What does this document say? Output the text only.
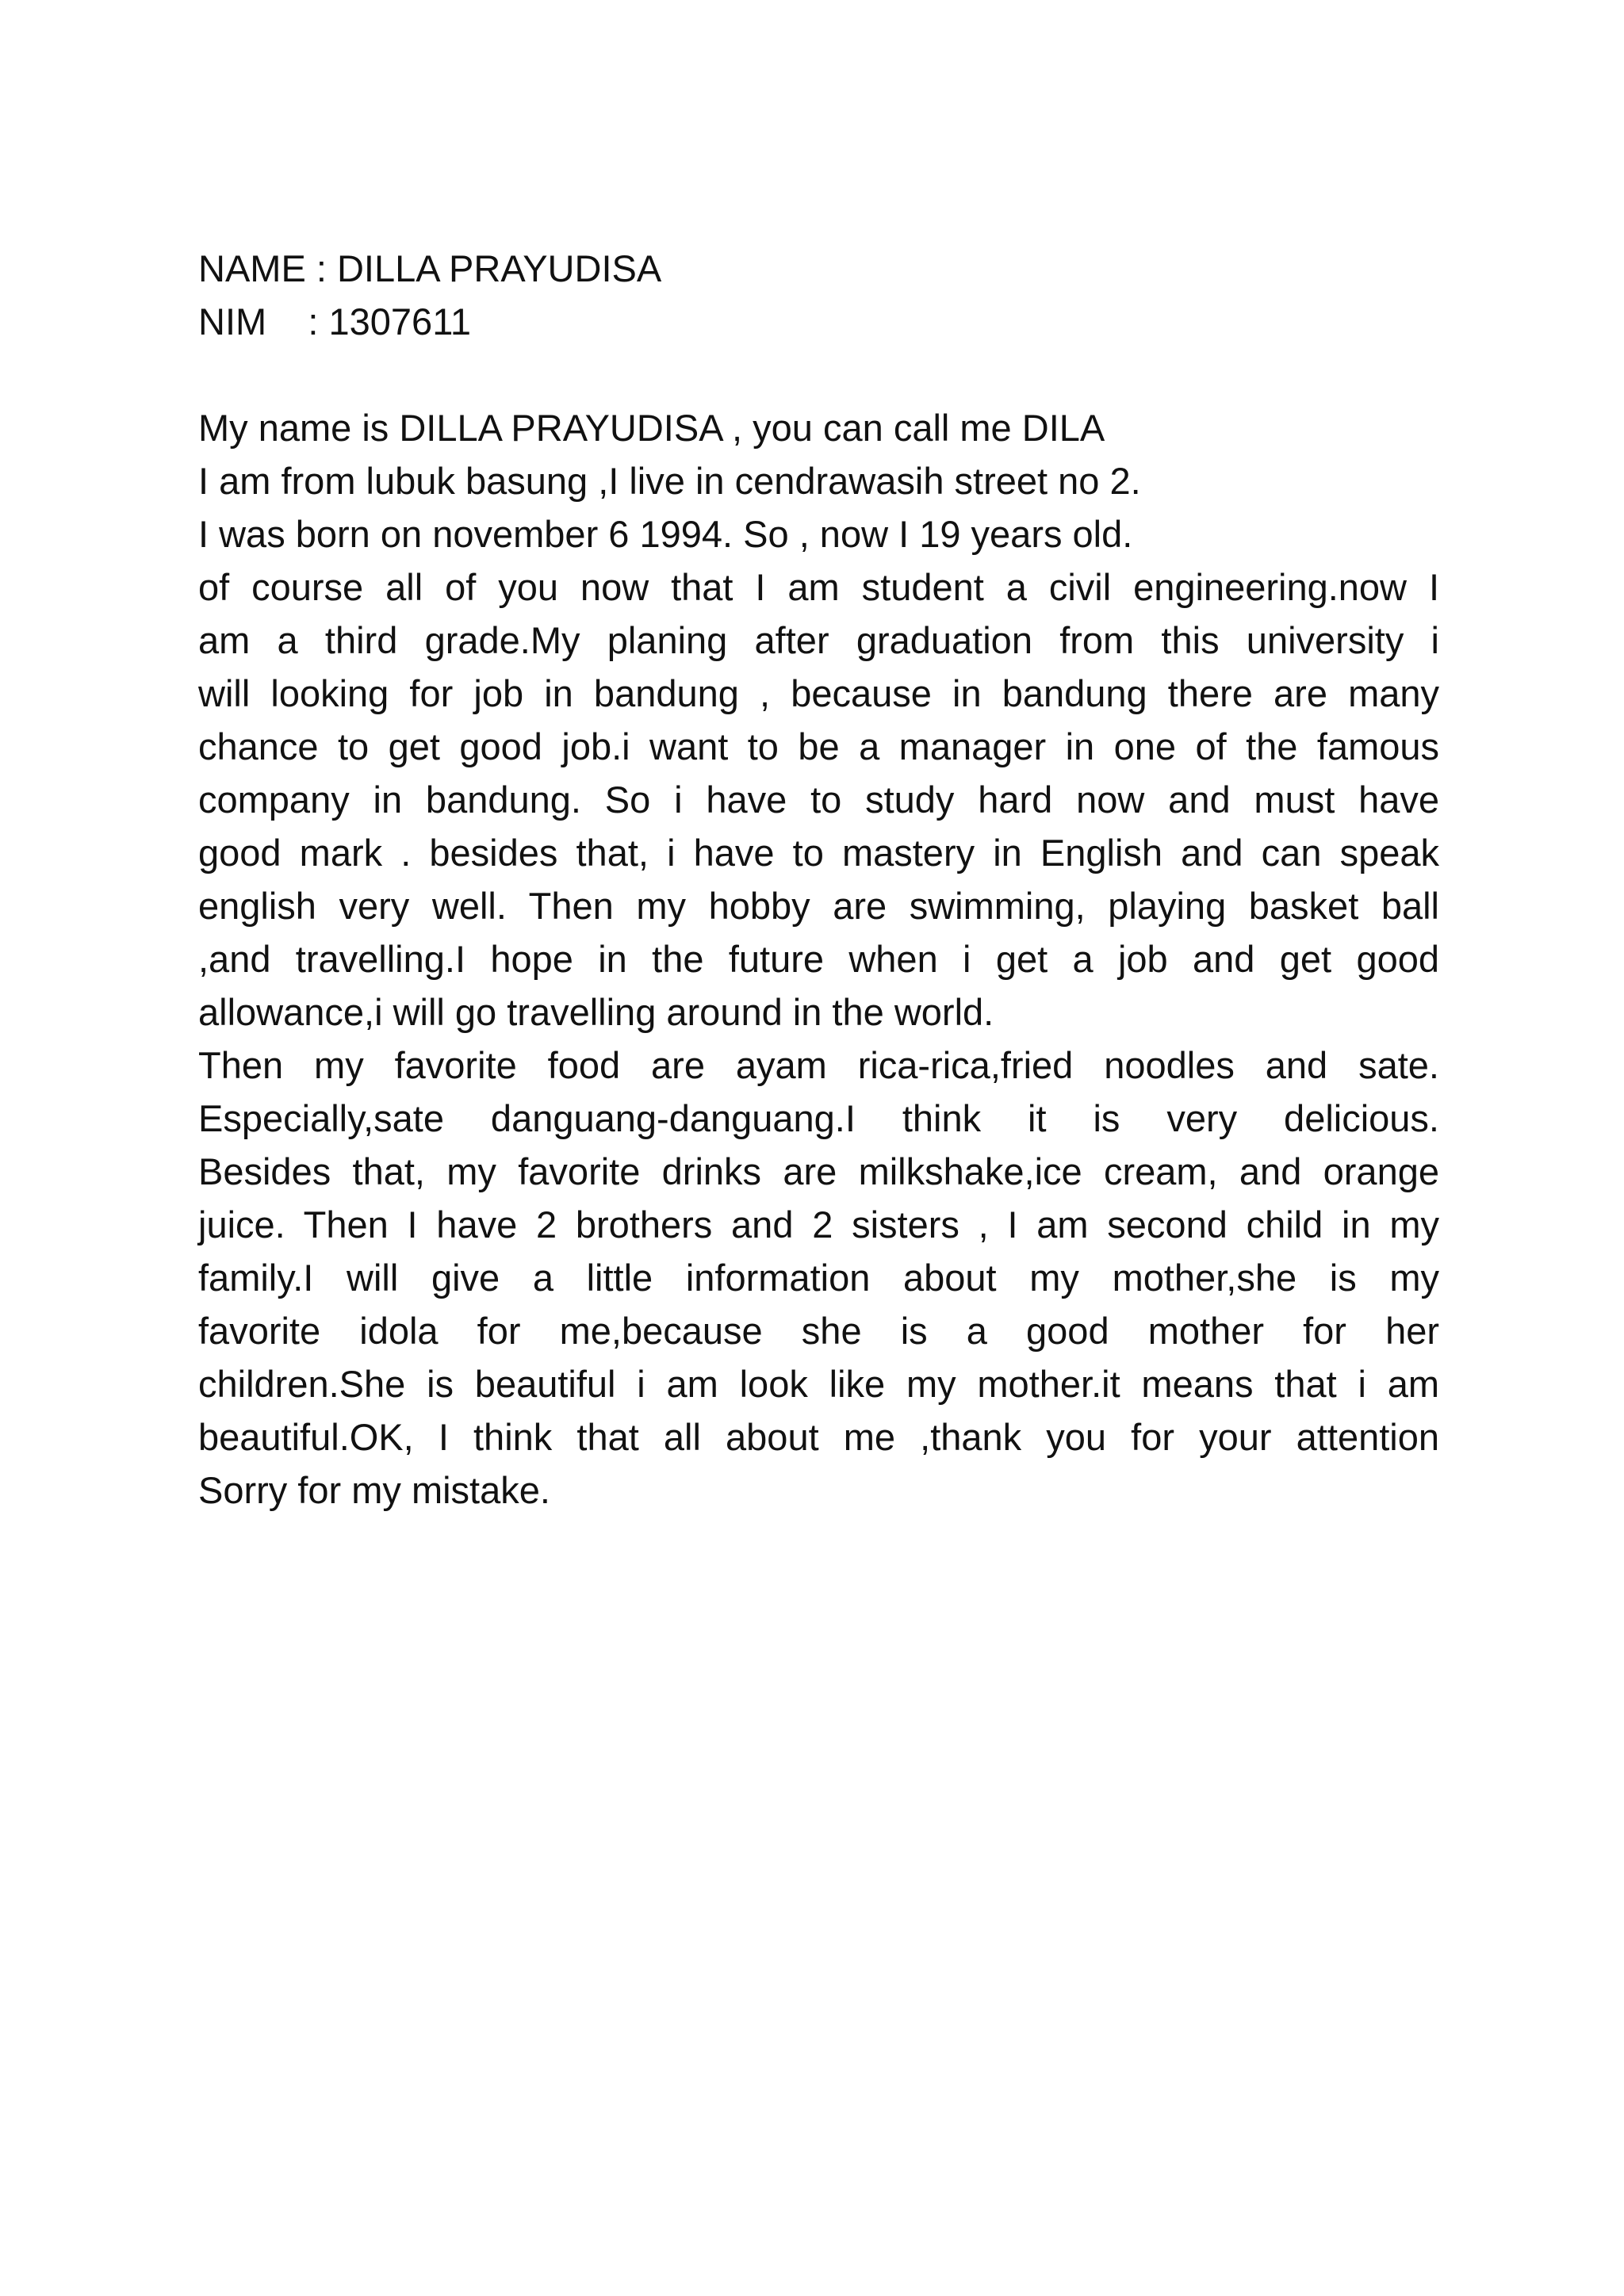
NAME : DILLA PRAYUDISA
NIM    : 1307611
My name is DILLA PRAYUDISA , you can call me DILA
I am from lubuk basung ,I live in cendrawasih street no 2.
I was born on november 6 1994. So , now I 19 years old.
of course all of you now that I am student a civil engineering.now I
am a third grade.My planing after graduation from this university i
will looking for job in bandung , because in bandung there are many
chance to get good job.i want to be a manager in one of the famous
company in bandung. So i have to study hard now and must have
good mark . besides that, i have to mastery in English and can speak
english very well. Then my hobby are swimming, playing basket ball
,and travelling.I hope in the future when i get a job and get good
allowance,i will go travelling around in the world.
Then my favorite food are ayam rica-rica,fried noodles and sate.
Especially,sate danguang-danguang.I think it is very delicious.
Besides that, my favorite drinks are milkshake,ice cream, and orange
juice. Then I have 2 brothers and 2 sisters , I am second child in my
family.I will give a little information about my mother,she is my
favorite idola for me,because she is a good mother for her
children.She is beautiful i am look like my mother.it means that i am
beautiful.OK, I think that all about me ,thank you for your attention
Sorry for my mistake.
